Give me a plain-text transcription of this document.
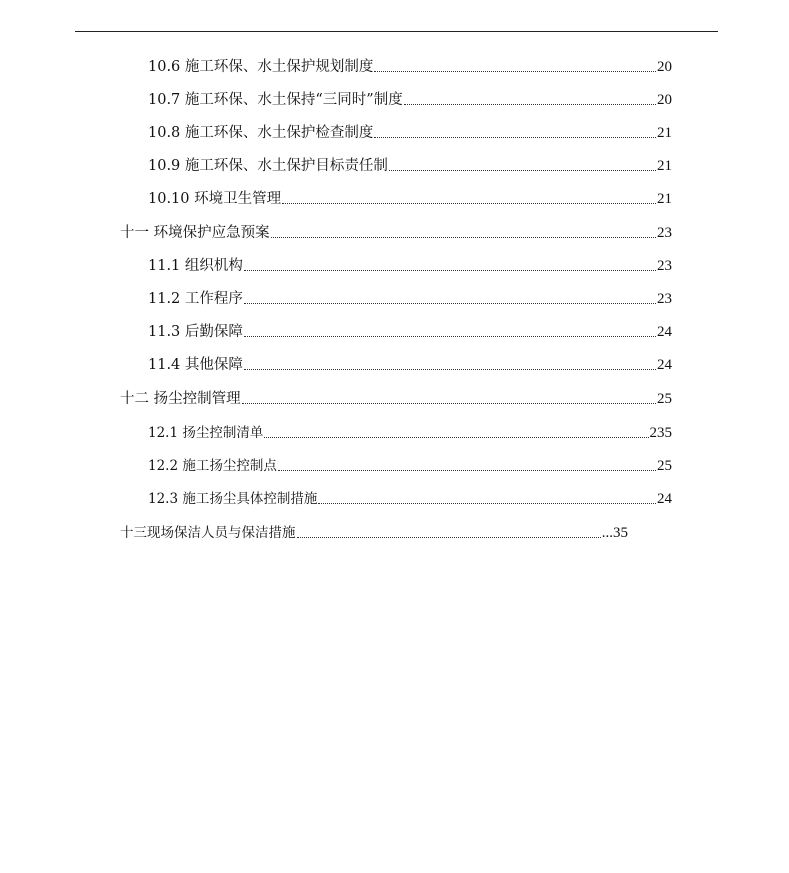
10.6 施工环保、水土保护规划制度	20
10.7 施工环保、水土保持“三同时”制度	20
10.8 施工环保、水土保护检查制度	21
10.9 施工环保、水土保护目标责任制	21
10.10 环境卫生管理	21
十一 环境保护应急预案	23
11.1 组织机构	23
11.2 工作程序	23
11.3 后勤保障	24
11.4 其他保障	24
十二 扬尘控制管理	25
12.1 扬尘控制清单	235
12.2 施工扬尘控制点	25
12.3 施工扬尘具体控制措施	24
十三现场保洁人员与保洁措施	...35
